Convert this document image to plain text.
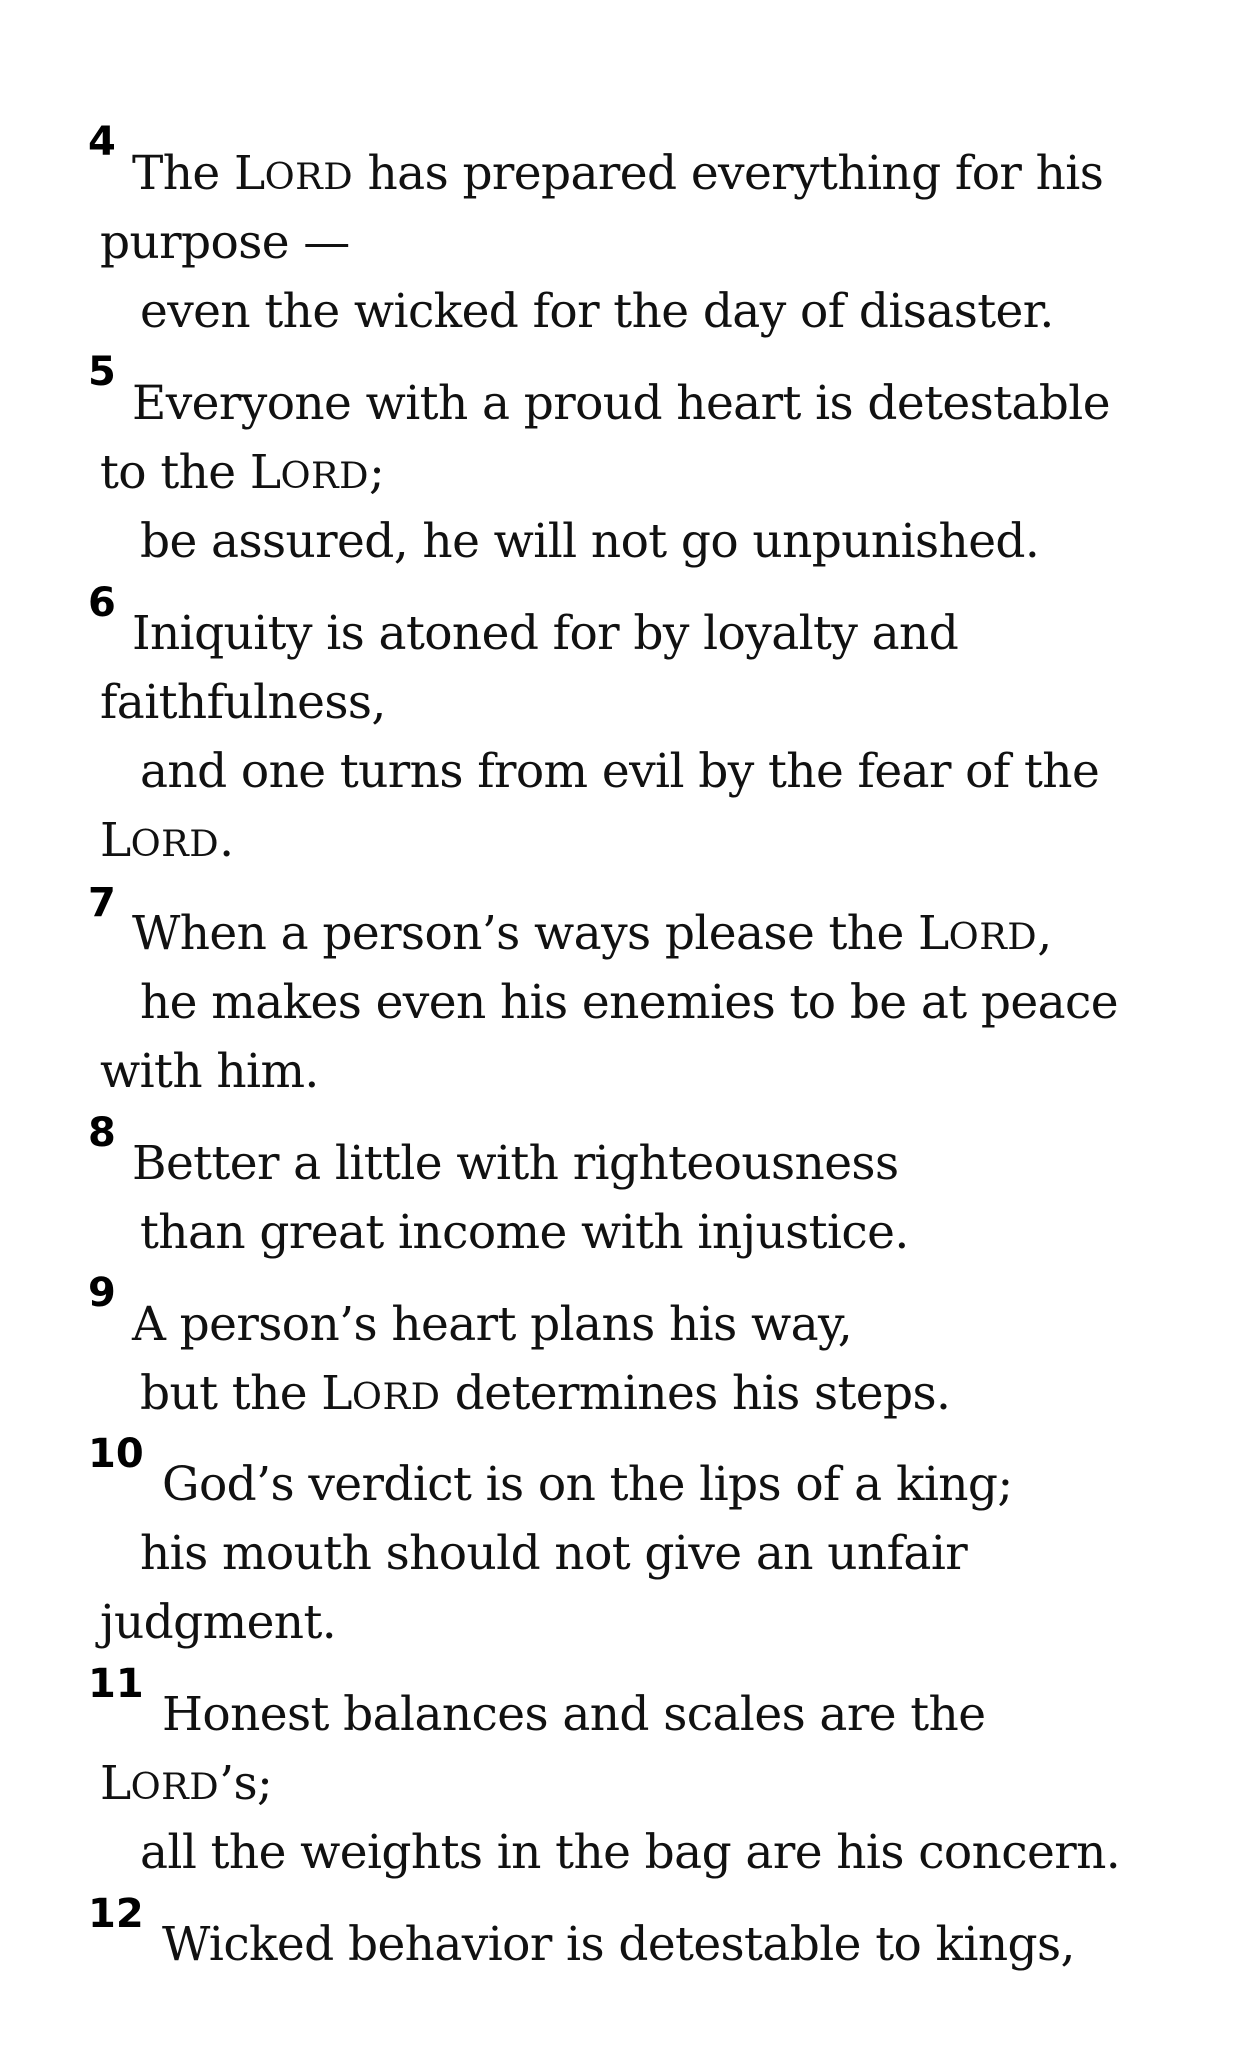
4
The LORD has prepared everything for his
purpose —
even the wicked for the day of disaster.
5
Everyone with a proud heart is detestable
to the LORD;
be assured, he will not go unpunished.
6
Iniquity is atoned for by loyalty and
faithfulness,
and one turns from evil by the fear of the
LORD.
7
When a person’s ways please the LORD,
he makes even his enemies to be at peace
with him.
8
Better a little with righteousness
than great income with injustice.
9
A person’s heart plans his way,
but the LORD determines his steps.
10
God’s verdict is on the lips of a king;
his mouth should not give an unfair
judgment.
11
Honest balances and scales are the
LORD’s;
all the weights in the bag are his concern.
12
Wicked behavior is detestable to kings,
